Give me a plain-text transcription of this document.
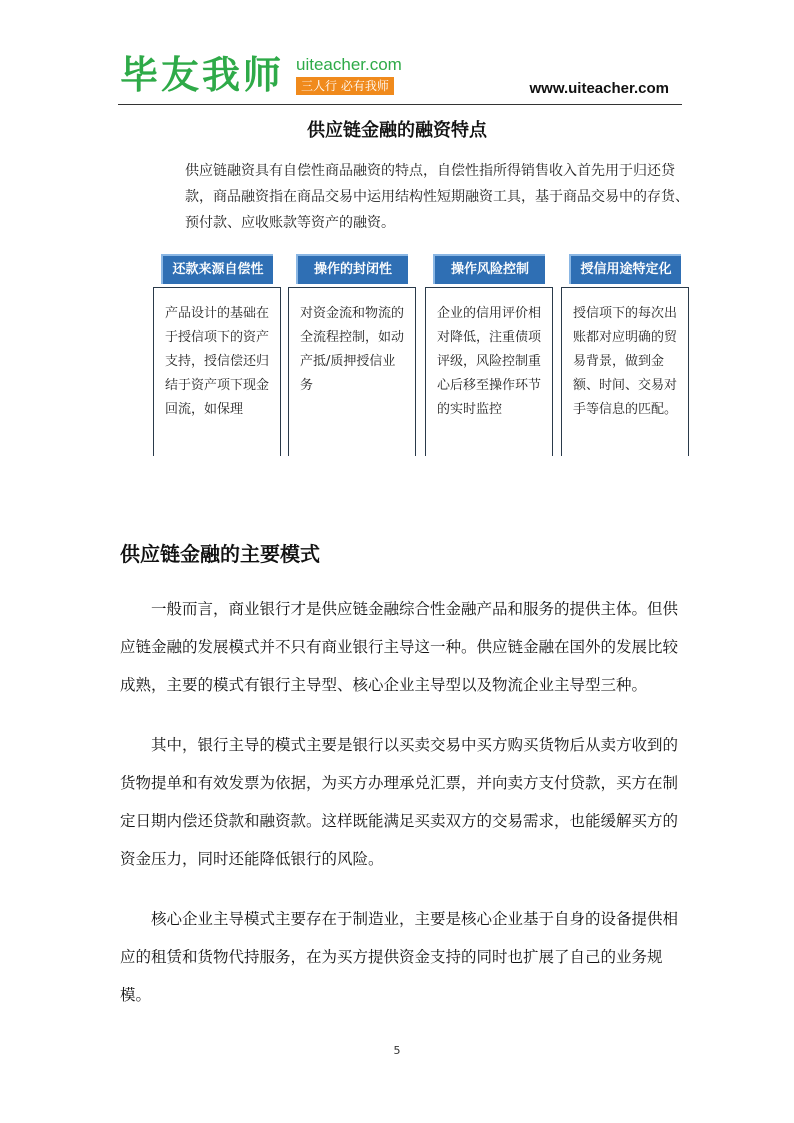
毕友我师 uiteacher.com
三人行 必有我师	www.uiteacher.com
供应链金融的融资特点
供应链融资具有自偿性商品融资的特点，自偿性指所得销售收入首先用于归还贷款，商品融资指在商品交易中运用结构性短期融资工具，基于商品交易中的存货、预付款、应收账款等资产的融资。
还款来源自偿性
产品设计的基础在于授信项下的资产支持，授信偿还归结于资产项下现金回流，如保理
操作的封闭性
对资金流和物流的全流程控制，如动产抵/质押授信业务
操作风险控制
企业的信用评价相对降低，注重债项评级，风险控制重心后移至操作环节的实时监控
授信用途特定化
授信项下的每次出账都对应明确的贸易背景，做到金额、时间、交易对手等信息的匹配。
供应链金融的主要模式
一般而言，商业银行才是供应链金融综合性金融产品和服务的提供主体。但供应链金融的发展模式并不只有商业银行主导这一种。供应链金融在国外的发展比较成熟，主要的模式有银行主导型、核心企业主导型以及物流企业主导型三种。
其中，银行主导的模式主要是银行以买卖交易中买方购买货物后从卖方收到的货物提单和有效发票为依据，为买方办理承兑汇票，并向卖方支付贷款，买方在制定日期内偿还贷款和融资款。这样既能满足买卖双方的交易需求，也能缓解买方的资金压力，同时还能降低银行的风险。
核心企业主导模式主要存在于制造业，主要是核心企业基于自身的设备提供相应的租赁和货物代持服务，在为买方提供资金支持的同时也扩展了自己的业务规模。
5
